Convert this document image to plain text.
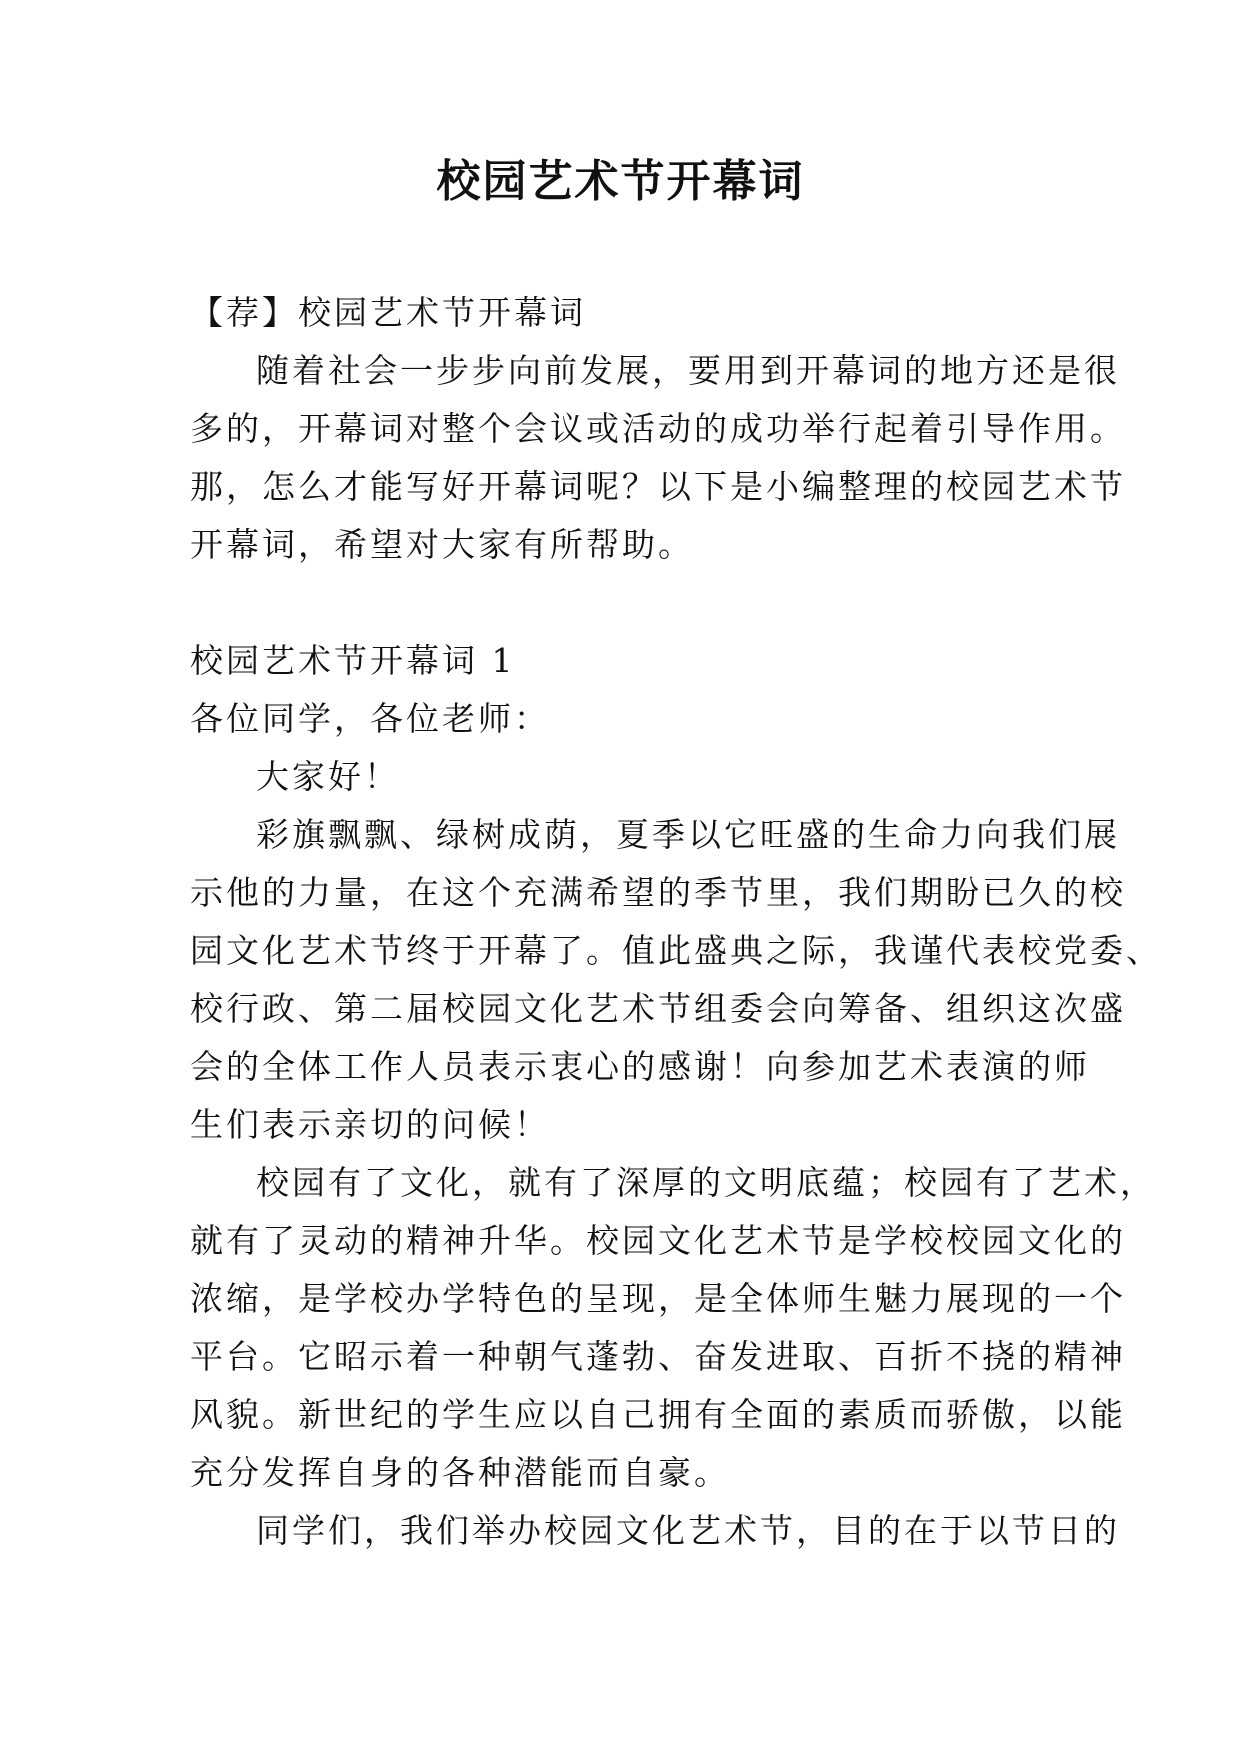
校园艺术节开幕词

【荐】校园艺术节开幕词

随着社会一步步向前发展，要用到开幕词的地方还是很

多的，开幕词对整个会议或活动的成功举行起着引导作用。

那，怎么才能写好开幕词呢？以下是小编整理的校园艺术节

开幕词，希望对大家有所帮助。

校园艺术节开幕词 1

各位同学，各位老师：

大家好！

彩旗飘飘、绿树成荫，夏季以它旺盛的生命力向我们展

示他的力量，在这个充满希望的季节里，我们期盼已久的校

园文化艺术节终于开幕了。值此盛典之际，我谨代表校党委、

校行政、第二届校园文化艺术节组委会向筹备、组织这次盛

会的全体工作人员表示衷心的感谢！向参加艺术表演的师

生们表示亲切的问候！

校园有了文化，就有了深厚的文明底蕴；校园有了艺术，

就有了灵动的精神升华。校园文化艺术节是学校校园文化的

浓缩，是学校办学特色的呈现，是全体师生魅力展现的一个

平台。它昭示着一种朝气蓬勃、奋发进取、百折不挠的精神

风貌。新世纪的学生应以自己拥有全面的素质而骄傲，以能

充分发挥自身的各种潜能而自豪。

同学们，我们举办校园文化艺术节，目的在于以节日的
